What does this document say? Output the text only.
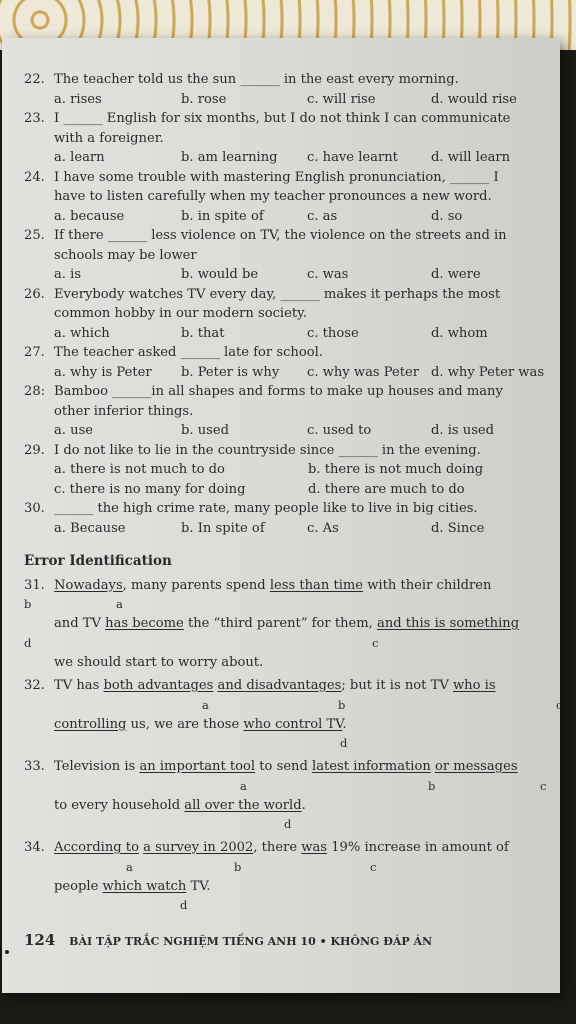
22. The teacher told us the sun ______ in the east every morning.
a. rises	b. rose	c. will rise	d. would rise
23. I ______ English for six months, but I do not think I can communicate
with a foreigner.
a. learn	b. am learning	c. have learnt	d. will learn
24. I have some trouble with mastering English pronunciation, ______ I
have to listen carefully when my teacher pronounces a new word.
a. because	b. in spite of	c. as	d. so
25. If there ______ less violence on TV, the violence on the streets and in
schools may be lower
a. is	b. would be	c. was	d. were
26. Everybody watches TV every day, ______ makes it perhaps the most
common hobby in our modern society.
a. which	b. that	c. those	d. whom
27. The teacher asked ______ late for school.
a. why is Peter	b. Peter is why	c. why was Peter d. why Peter was
28: Bamboo ______in all shapes and forms to make up houses and many
other inferior things.
a. use	b. used	c. used to	d. is used
29. I do not like to lie in the countryside since ______ in the evening.
a. there is not much to do	b. there is not much doing
c. there is no many for doing	d. there are much to do
30. ______ the high crime rate, many people like to live in big cities.
a. Because	b. In spite of	c. As	d. Since
Error Identification
31. Nowadays, many parents spend less than time with their children
a
b
and TV has become the “third parent” for them, and this is something
c
d
we should start to worry about.
32. TV has both advantages and disadvantages; but it is not TV who is
a	b	c
controlling us, we are those who control TV.
d
33. Television is an important tool to send latest information or messages
a	b	c
to every household all over the world.
d
34. According to a survey in 2002, there was 19% increase in amount of
a	b	c
people which watch TV.
d
124 BÀI TẬP TRẮC NGHIỆM TIẾNG ANH 10 • KHÔNG ĐÁP ÁN
